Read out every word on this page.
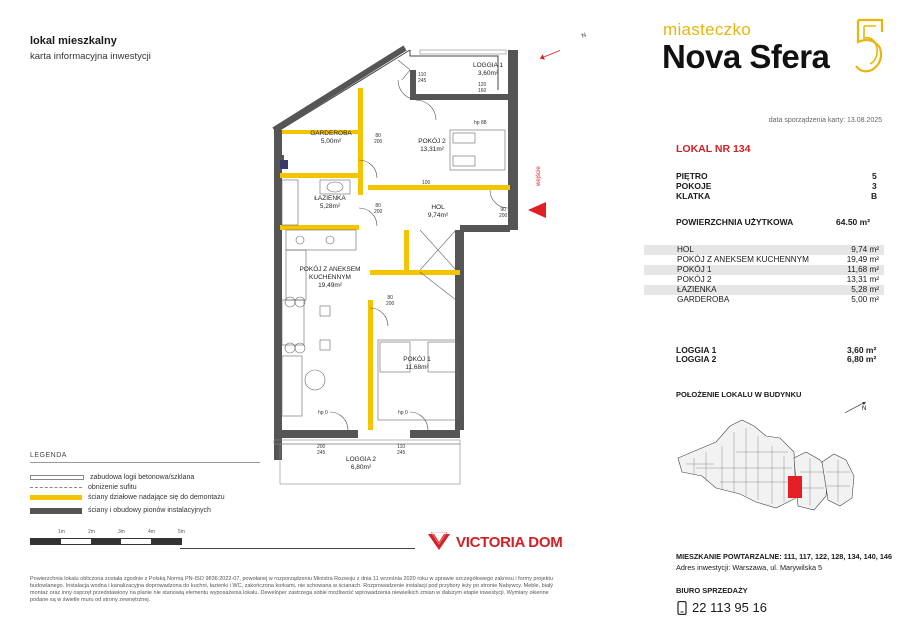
lokal mieszkalny
karta informacyjna inwestycji
miasteczko
Nova Sfera
data sporządzenia karty: 13.08.2025
LOKAL NR 134
PIĘTRO	5
POKOJE	3
KLATKA	B
POWIERZCHNIA UŻYTKOWA	64.50 m²
HOL	9,74 m²
POKÓJ Z ANEKSEM KUCHENNYM	19,49 m²
POKÓJ 1	11,68 m²
POKÓJ 2	13,31 m²
ŁAZIENKA	5,28 m²
GARDEROBA	5,00 m²
LOGGIA 1	3,60 m²
LOGGIA 2	6,80 m²
POŁOŻENIE LOKALU W BUDYNKU
N
MIESZKANIE POWTARZALNE: 111, 117, 122, 128, 134, 140, 146
Adres inwestycji: Warszawa, ul. Marywilska 5
BIURO SPRZEDAŻY
22 113 95 16
N
wejście
LOGGIA 1
3,60m²
GARDEROBA
5,00m²	POKÓJ 2
13,31m²
ŁAZIENKA
5,28m²	HOL
9,74m²
POKÓJ Z ANEKSEM
KUCHENNYM
19,49m²
POKÓJ 1
11,68m²
LOGGIA 2
6,80m²
110
245
120
160
hp 88
80
200
100
80
200	90
200
80
200
hp 0	hp 0
200
245
110
245
LEGENDA
zabudowa logii betonowa/szklana
obniżenie sufitu
ściany działowe nadające się do demontażu
ściany i obudowy pionów instalacyjnych
1m	2m	3m	4m	5m
VICTORIA DOM
Powierzchnia lokalu obliczona została zgodnie z Polską Normą PN-ISO 9836:2022-07, powołanej w rozporządzeniu Ministra Rozwoju z dnia 11 września 2020 roku w sprawie szczegółowego zakresu i formy projektu budowlanego. Instalacja wodna i kanalizacyjna doprowadzona do kuchni, łazienki i WC, zakończona korkami, nie schowana w ścianach. Rozprowadzenie instalacji pod przybory leży po stronie Nabywcy. Meble, białý montaż oraz inny osprzęt przedstawiony na planie nie stanowią elementu wyposażenia lokalu. Deweloper zastrzega sobie możliwość wprowadzenia niewielkich zmian w dalszym etapie inwestycji. Wymiary okienne podane są w świetle muru od strony zewnętrznej.
